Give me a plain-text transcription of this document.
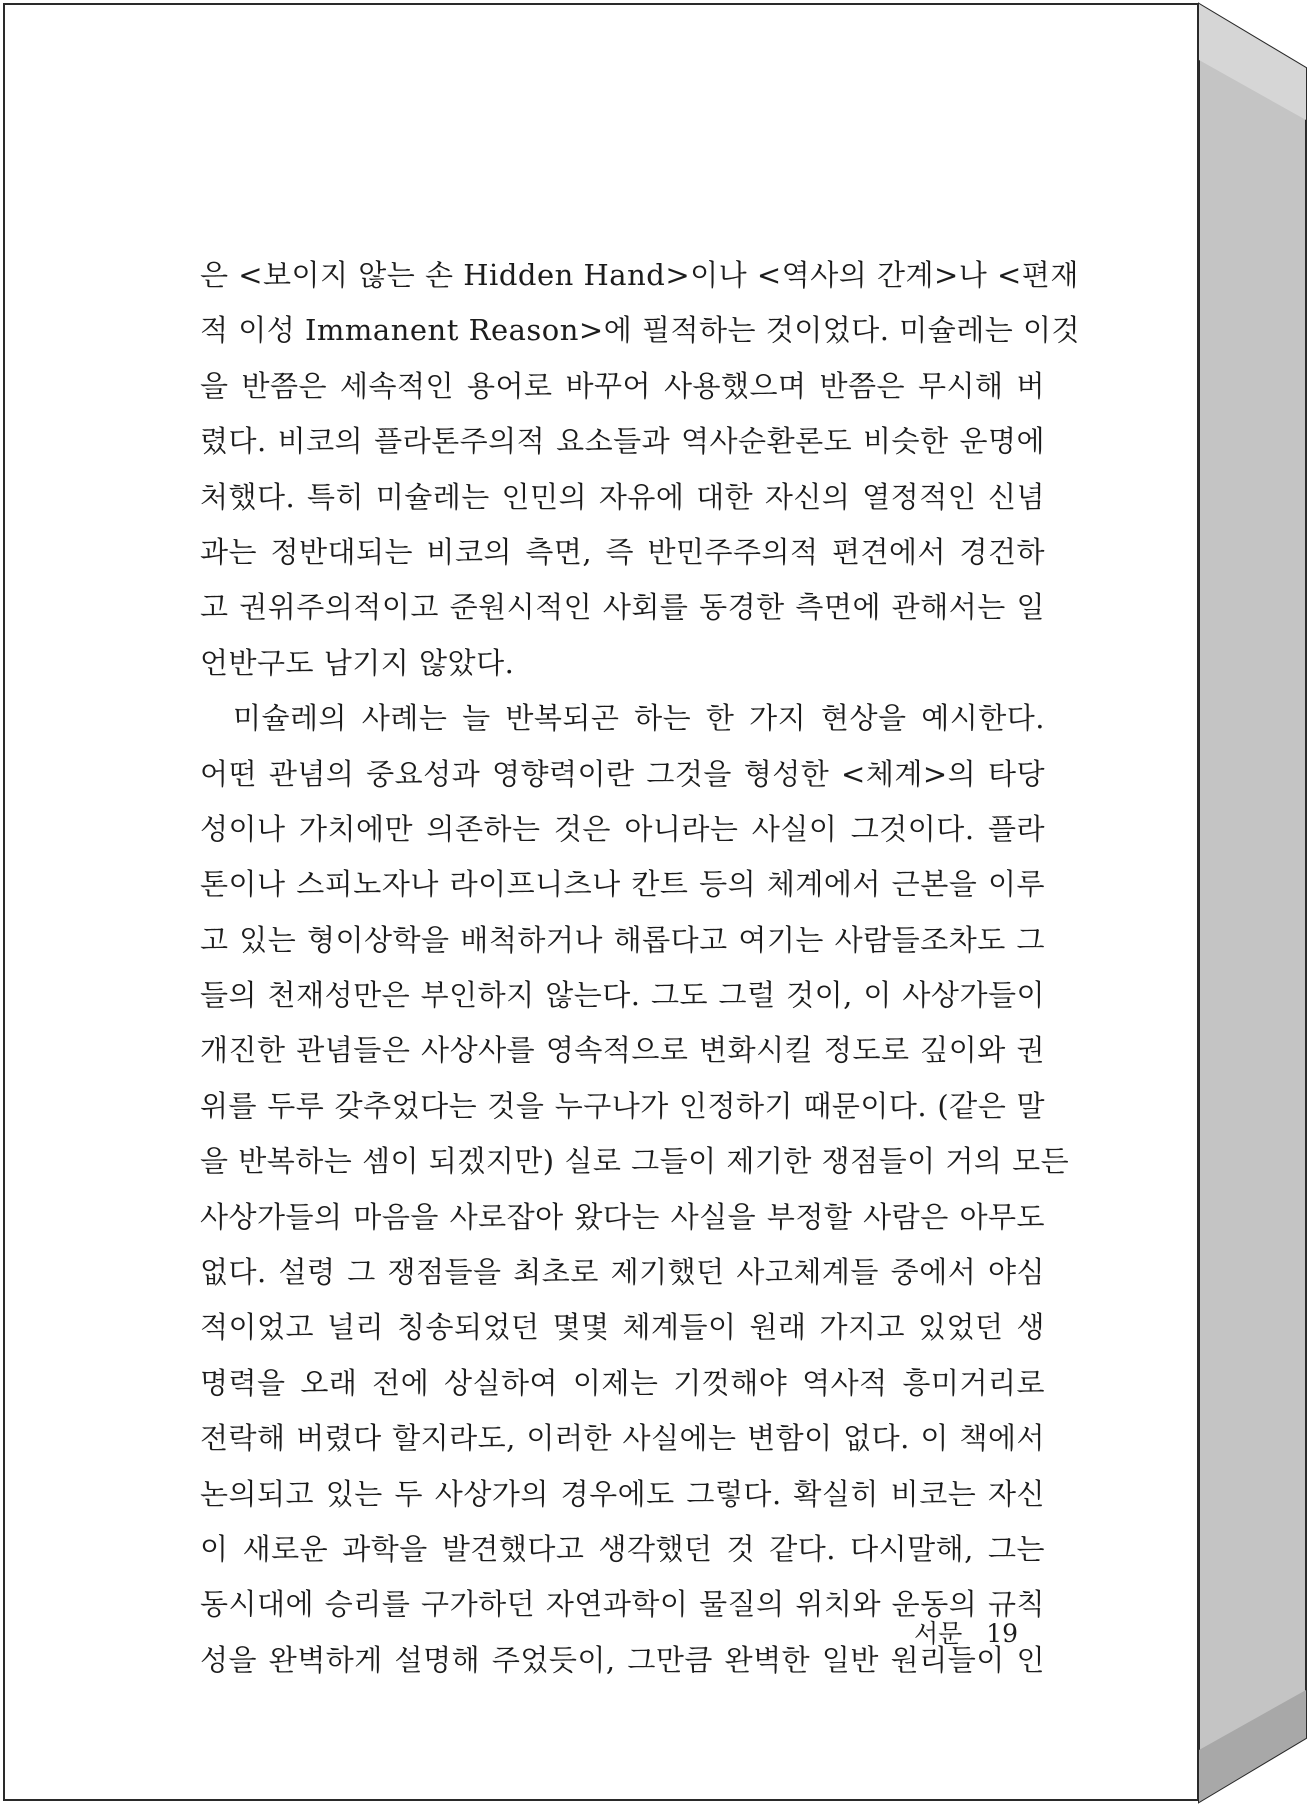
은 <보이지 않는 손 Hidden Hand>이나 <역사의 간계>나 <편재
적 이성 Immanent Reason>에 필적하는 것이었다. 미슐레는 이것
을 반쯤은 세속적인 용어로 바꾸어 사용했으며 반쯤은 무시해 버
렸다. 비코의 플라톤주의적 요소들과 역사순환론도 비슷한 운명에
처했다. 특히 미슐레는 인민의 자유에 대한 자신의 열정적인 신념
과는 정반대되는 비코의 측면, 즉 반민주주의적 편견에서 경건하
고 권위주의적이고 준원시적인 사회를 동경한 측면에 관해서는 일
언반구도 남기지 않았다.
미슐레의 사례는 늘 반복되곤 하는 한 가지 현상을 예시한다.
어떤 관념의 중요성과 영향력이란 그것을 형성한 <체계>의 타당
성이나 가치에만 의존하는 것은 아니라는 사실이 그것이다. 플라
톤이나 스피노자나 라이프니츠나 칸트 등의 체계에서 근본을 이루
고 있는 형이상학을 배척하거나 해롭다고 여기는 사람들조차도 그
들의 천재성만은 부인하지 않는다. 그도 그럴 것이, 이 사상가들이
개진한 관념들은 사상사를 영속적으로 변화시킬 정도로 깊이와 권
위를 두루 갖추었다는 것을 누구나가 인정하기 때문이다. (같은 말
을 반복하는 셈이 되겠지만) 실로 그들이 제기한 쟁점들이 거의 모든
사상가들의 마음을 사로잡아 왔다는 사실을 부정할 사람은 아무도
없다. 설령 그 쟁점들을 최초로 제기했던 사고체계들 중에서 야심
적이었고 널리 칭송되었던 몇몇 체계들이 원래 가지고 있었던 생
명력을 오래 전에 상실하여 이제는 기껏해야 역사적 흥미거리로
전락해 버렸다 할지라도, 이러한 사실에는 변함이 없다. 이 책에서
논의되고 있는 두 사상가의 경우에도 그렇다. 확실히 비코는 자신
이 새로운 과학을 발견했다고 생각했던 것 같다. 다시말해, 그는
동시대에 승리를 구가하던 자연과학이 물질의 위치와 운동의 규칙
성을 완벽하게 설명해 주었듯이, 그만큼 완벽한 일반 원리들이 인
서문 19
